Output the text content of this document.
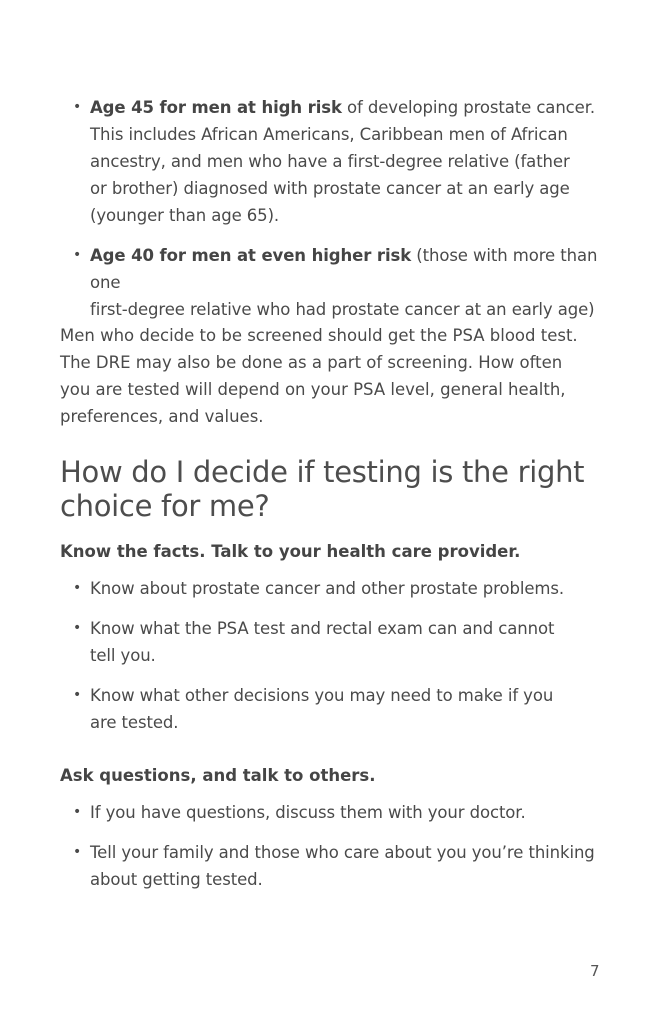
• Age 45 for men at high risk of developing prostate cancer.
This includes African Americans, Caribbean men of African
ancestry, and men who have a first-degree relative (father
or brother) diagnosed with prostate cancer at an early age
(younger than age 65).
• Age 40 for men at even higher risk (those with more than one
first-degree relative who had prostate cancer at an early age)

Men who decide to be screened should get the PSA blood test.
The DRE may also be done as a part of screening. How often
you are tested will depend on your PSA level, general health,
preferences, and values.

How do I decide if testing is the right
choice for me?

Know the facts. Talk to your health care provider.

• Know about prostate cancer and other prostate problems.
• Know what the PSA test and rectal exam can and cannot
tell you.
• Know what other decisions you may need to make if you
are tested.

Ask questions, and talk to others.

• If you have questions, discuss them with your doctor.
• Tell your family and those who care about you you’re thinking
about getting tested.
7
